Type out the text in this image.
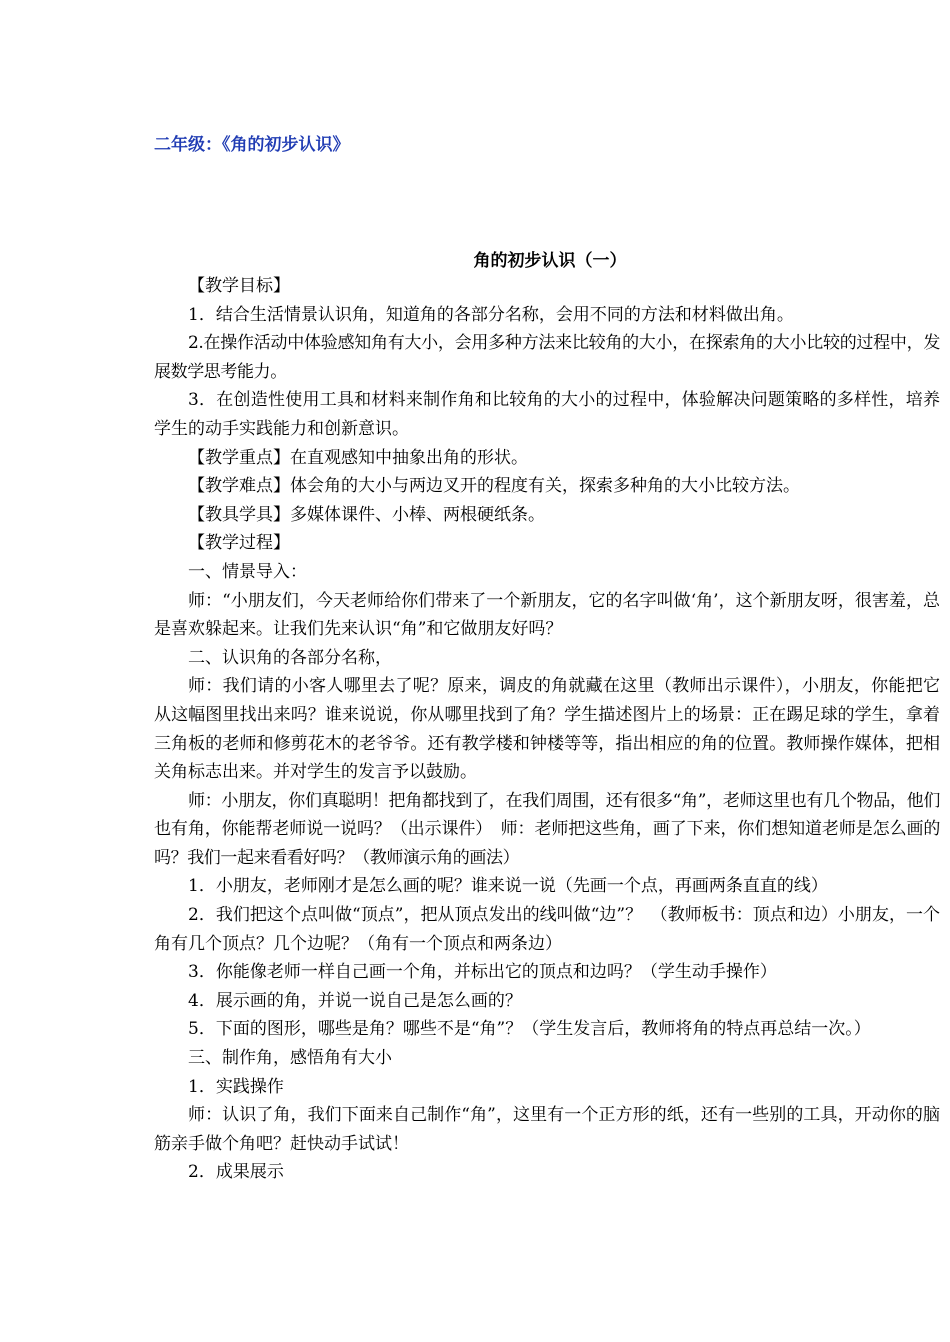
二年级：《角的初步认识》
角的初步认识（一）

【教学目标】

1．结合生活情景认识角，知道角的各部分名称，会用不同的方法和材料做出角。

2.在操作活动中体验感知角有大小，会用多种方法来比较角的大小，在探索角的大小比较的过程中，发展数学思考能力。

3．在创造性使用工具和材料来制作角和比较角的大小的过程中，体验解决问题策略的多样性，培养学生的动手实践能力和创新意识。

【教学重点】在直观感知中抽象出角的形状。

【教学难点】体会角的大小与两边叉开的程度有关，探索多种角的大小比较方法。

【教具学具】多媒体课件、小棒、两根硬纸条。

【教学过程】

一、情景导入：

师：“小朋友们，今天老师给你们带来了一个新朋友，它的名字叫做‘角’，这个新朋友呀，很害羞，总是喜欢躲起来。让我们先来认识“角”和它做朋友好吗？

二、认识角的各部分名称，

师：我们请的小客人哪里去了呢？原来，调皮的角就藏在这里（教师出示课件），小朋友，你能把它从这幅图里找出来吗？谁来说说，你从哪里找到了角？学生描述图片上的场景：正在踢足球的学生，拿着三角板的老师和修剪花木的老爷爷。还有教学楼和钟楼等等，指出相应的角的位置。教师操作媒体，把相关角标志出来。并对学生的发言予以鼓励。

师：小朋友，你们真聪明！把角都找到了，在我们周围，还有很多“角”，老师这里也有几个物品，他们也有角，你能帮老师说一说吗？（出示课件）　师：老师把这些角，画了下来，你们想知道老师是怎么画的吗？我们一起来看看好吗？（教师演示角的画法）

1．小朋友，老师刚才是怎么画的呢？谁来说一说（先画一个点，再画两条直直的线）

2．我们把这个点叫做“顶点”，把从顶点发出的线叫做“边”？　（教师板书：顶点和边）小朋友，一个角有几个顶点？几个边呢？（角有一个顶点和两条边）

3．你能像老师一样自己画一个角，并标出它的顶点和边吗？（学生动手操作）

4．展示画的角，并说一说自己是怎么画的？

5．下面的图形，哪些是角？哪些不是“角”？（学生发言后，教师将角的特点再总结一次。）

三、制作角，感悟角有大小

1．实践操作

师：认识了角，我们下面来自己制作“角”，这里有一个正方形的纸，还有一些别的工具，开动你的脑筋亲手做个角吧？赶快动手试试！

2．成果展示
